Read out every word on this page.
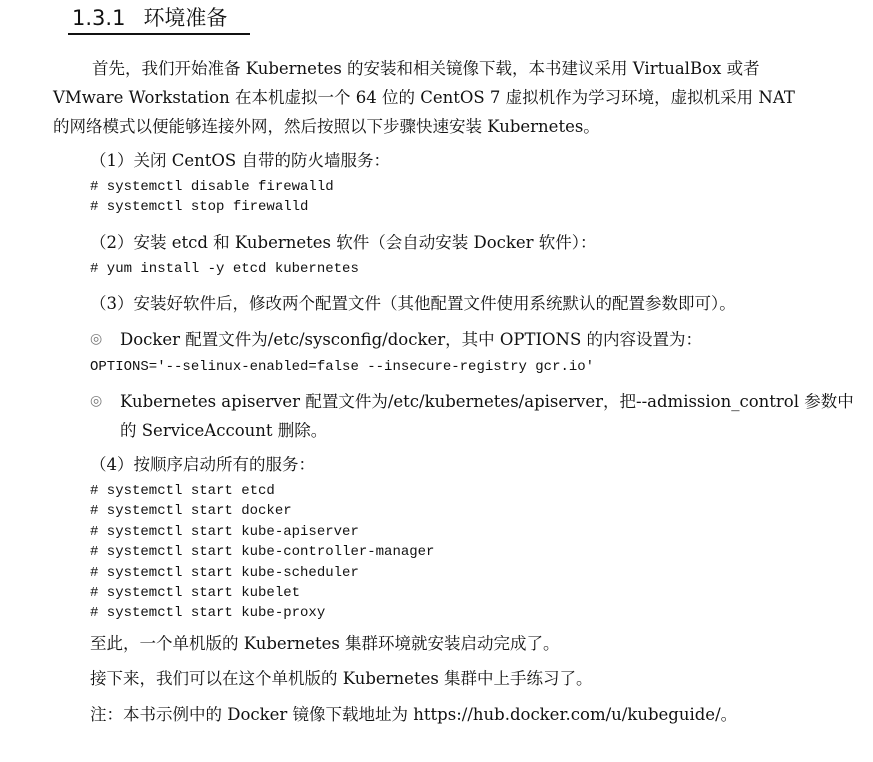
1.3.1 环境准备
首先，我们开始准备 Kubernetes 的安装和相关镜像下载，本书建议采用 VirtualBox 或者
VMware Workstation 在本机虚拟一个 64 位的 CentOS 7 虚拟机作为学习环境，虚拟机采用 NAT
的网络模式以便能够连接外网，然后按照以下步骤快速安装 Kubernetes。
（1）关闭 CentOS 自带的防火墙服务：
# systemctl disable firewalld
# systemctl stop firewalld
（2）安装 etcd 和 Kubernetes 软件（会自动安装 Docker 软件）：
# yum install -y etcd kubernetes
（3）安装好软件后，修改两个配置文件（其他配置文件使用系统默认的配置参数即可）。
◎ Docker 配置文件为/etc/sysconfig/docker，其中 OPTIONS 的内容设置为：
OPTIONS='--selinux-enabled=false --insecure-registry gcr.io'
◎ Kubernetes apiserver 配置文件为/etc/kubernetes/apiserver，把--admission_control 参数中
的 ServiceAccount 删除。
（4）按顺序启动所有的服务：
# systemctl start etcd
# systemctl start docker
# systemctl start kube-apiserver
# systemctl start kube-controller-manager
# systemctl start kube-scheduler
# systemctl start kubelet
# systemctl start kube-proxy
至此，一个单机版的 Kubernetes 集群环境就安装启动完成了。
接下来，我们可以在这个单机版的 Kubernetes 集群中上手练习了。
注：本书示例中的 Docker 镜像下载地址为 https://hub.docker.com/u/kubeguide/。
